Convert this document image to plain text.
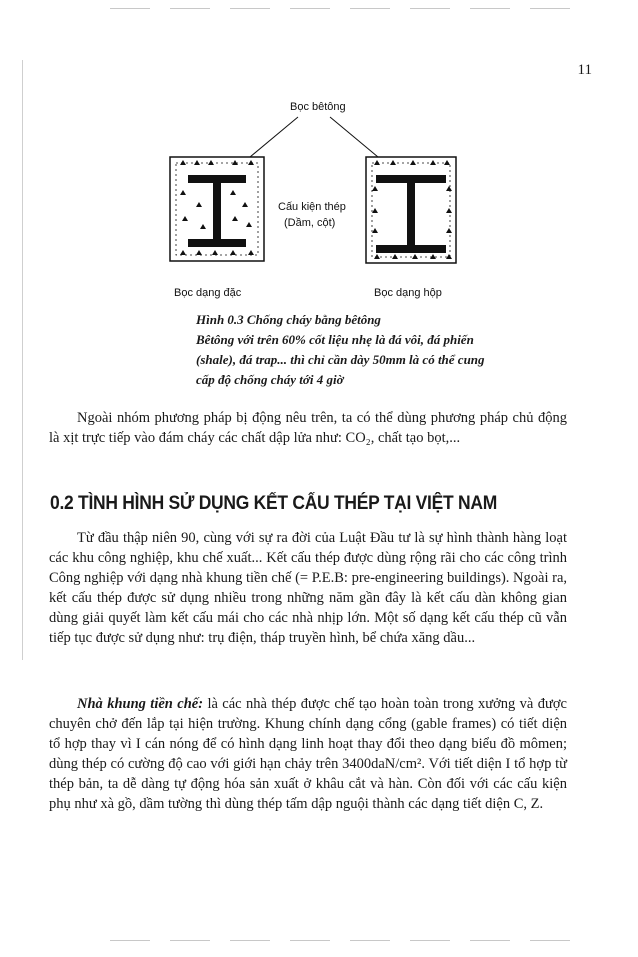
11
Bọc bêtông
Cấu kiện thép
(Dầm, cột)
Bọc dạng đặc	Bọc dạng hộp
Hình 0.3 Chống cháy bằng bêtông
Bêtông với trên 60% cốt liệu nhẹ là đá vôi, đá phiến
(shale), đá trap... thì chỉ cần dày 50mm là có thể cung
cấp độ chống cháy tới 4 giờ

Ngoài nhóm phương pháp bị động nêu trên, ta có thể dùng phương pháp chủ động là xịt trực tiếp vào đám cháy các chất dập lửa như: CO₂, chất tạo bọt,...

0.2 TÌNH HÌNH SỬ DỤNG KẾT CẤU THÉP TẠI VIỆT NAM

Từ đầu thập niên 90, cùng với sự ra đời của Luật Đầu tư là sự hình thành hàng loạt các khu công nghiệp, khu chế xuất... Kết cấu thép được dùng rộng rãi cho các công trình Công nghiệp với dạng nhà khung tiền chế (= P.E.B: pre-engineering buildings). Ngoài ra, kết cấu thép được sử dụng nhiều trong những năm gần đây là kết cấu dàn không gian dùng giải quyết làm kết cấu mái cho các nhà nhịp lớn. Một số dạng kết cấu thép cũ vẫn tiếp tục được sử dụng như: trụ điện, tháp truyền hình, bể chứa xăng dầu...

Nhà khung tiền chế: là các nhà thép được chế tạo hoàn toàn trong xưởng và được chuyên chở đến lắp tại hiện trường. Khung chính dạng cổng (gable frames) có tiết diện tổ hợp thay vì I cán nóng để có hình dạng linh hoạt thay đổi theo dạng biểu đồ mômen; dùng thép có cường độ cao với giới hạn chảy trên 3400daN/cm². Với tiết diện I tổ hợp từ thép bản, ta dễ dàng tự động hóa sản xuất ở khâu cắt và hàn. Còn đối với các cấu kiện phụ như xà gồ, dầm tường thì dùng thép tấm dập nguội thành các dạng tiết diện C, Z.
